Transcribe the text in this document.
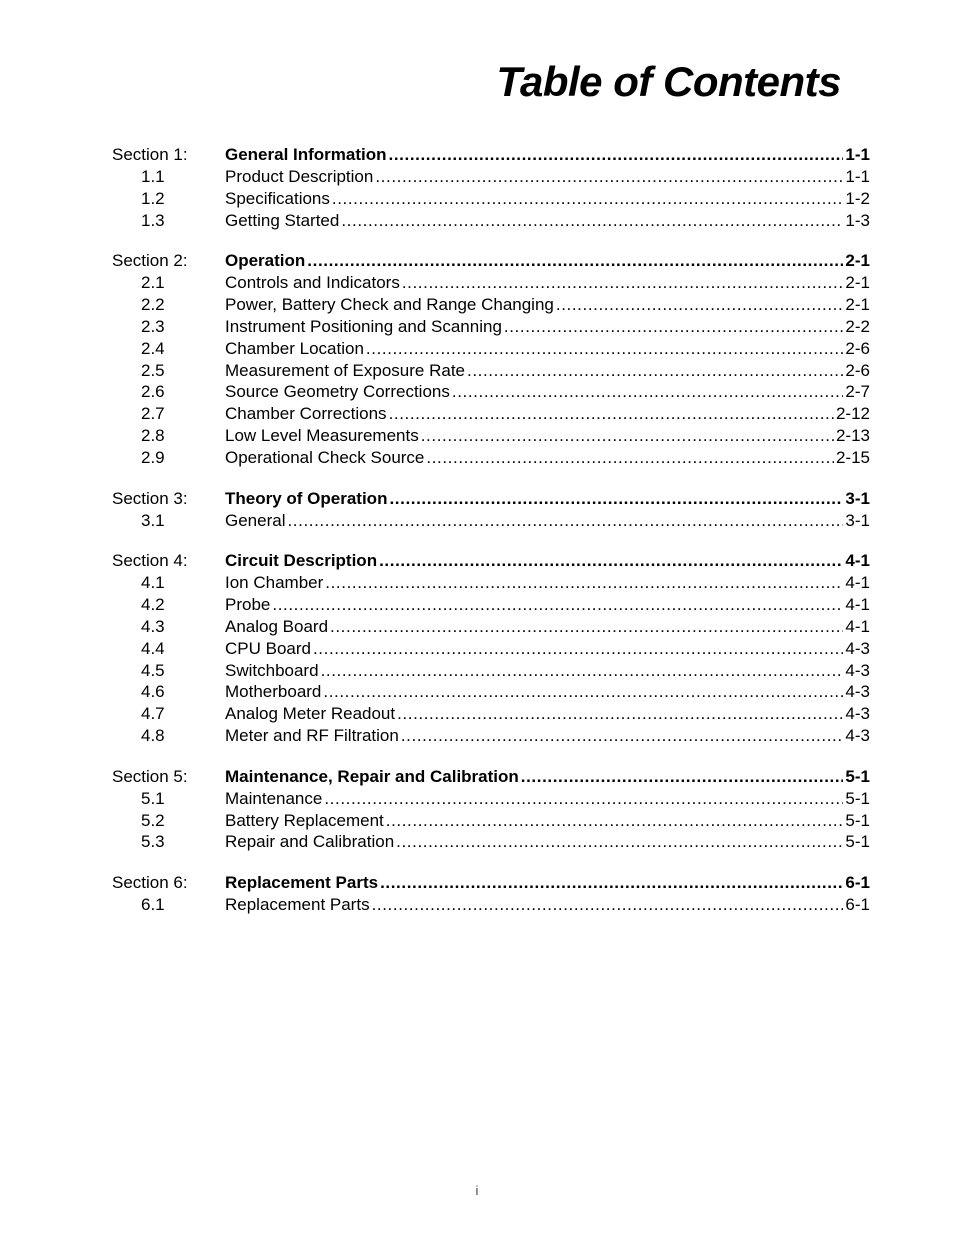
Table of Contents
Section 1:	General Information .....	1-1
1.1	Product Description .....	1-1
1.2	Specifications .....	1-2
1.3	Getting Started .....	1-3
Section 2:	Operation .....	2-1
2.1	Controls and Indicators .....	2-1
2.2	Power, Battery Check and Range Changing .....	2-1
2.3	Instrument Positioning and Scanning .....	2-2
2.4	Chamber Location .....	2-6
2.5	Measurement of Exposure Rate .....	2-6
2.6	Source Geometry Corrections .....	2-7
2.7	Chamber Corrections .....	2-12
2.8	Low Level Measurements .....	2-13
2.9	Operational Check Source .....	2-15
Section 3:	Theory of Operation .....	3-1
3.1	General .....	3-1
Section 4:	Circuit Description .....	4-1
4.1	Ion Chamber .....	4-1
4.2	Probe .....	4-1
4.3	Analog Board .....	4-1
4.4	CPU Board .....	4-3
4.5	Switchboard .....	4-3
4.6	Motherboard .....	4-3
4.7	Analog Meter Readout .....	4-3
4.8	Meter and RF Filtration .....	4-3
Section 5:	Maintenance, Repair and Calibration .....	5-1
5.1	Maintenance .....	5-1
5.2	Battery Replacement .....	5-1
5.3	Repair and Calibration .....	5-1
Section 6:	Replacement Parts .....	6-1
6.1	Replacement Parts .....	6-1
i
